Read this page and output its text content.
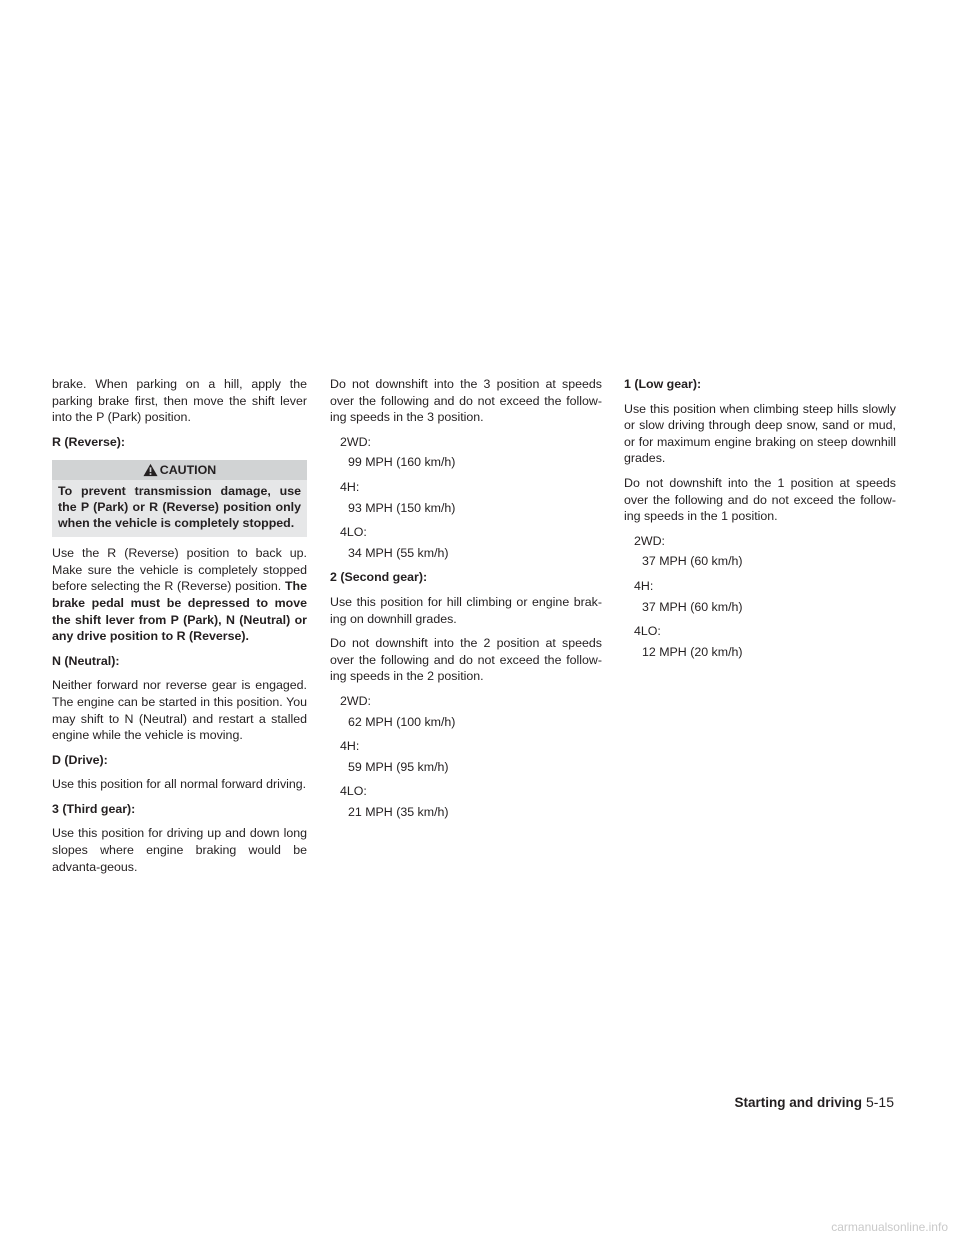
brake. When parking on a hill, apply the parking brake first, then move the shift lever into the P (Park) position.

R (Reverse):
CAUTION
To prevent transmission damage, use the P (Park) or R (Reverse) position only when the vehicle is completely stopped.

Use the R (Reverse) position to back up. Make sure the vehicle is completely stopped before selecting the R (Reverse) position. The brake pedal must be depressed to move the shift lever from P (Park), N (Neutral) or any drive position to R (Reverse).

N (Neutral):

Neither forward nor reverse gear is engaged. The engine can be started in this position. You may shift to N (Neutral) and restart a stalled engine while the vehicle is moving.

D (Drive):

Use this position for all normal forward driving.

3 (Third gear):

Use this position for driving up and down long slopes where engine braking would be advanta-geous.

Do not downshift into the 3 position at speeds over the following and do not exceed the follow-ing speeds in the 3 position.

2WD:
99 MPH (160 km/h)
4H:
93 MPH (150 km/h)
4LO:
34 MPH (55 km/h)
2 (Second gear):

Use this position for hill climbing or engine brak-ing on downhill grades.

Do not downshift into the 2 position at speeds over the following and do not exceed the follow-ing speeds in the 2 position.

2WD:
62 MPH (100 km/h)
4H:
59 MPH (95 km/h)
4LO:
21 MPH (35 km/h)
1 (Low gear):

Use this position when climbing steep hills slowly or slow driving through deep snow, sand or mud, or for maximum engine braking on steep downhill grades.

Do not downshift into the 1 position at speeds over the following and do not exceed the follow-ing speeds in the 1 position.

2WD:
37 MPH (60 km/h)
4H:
37 MPH (60 km/h)
4LO:
12 MPH (20 km/h)
Starting and driving 5-15
carmanualsonline.info
